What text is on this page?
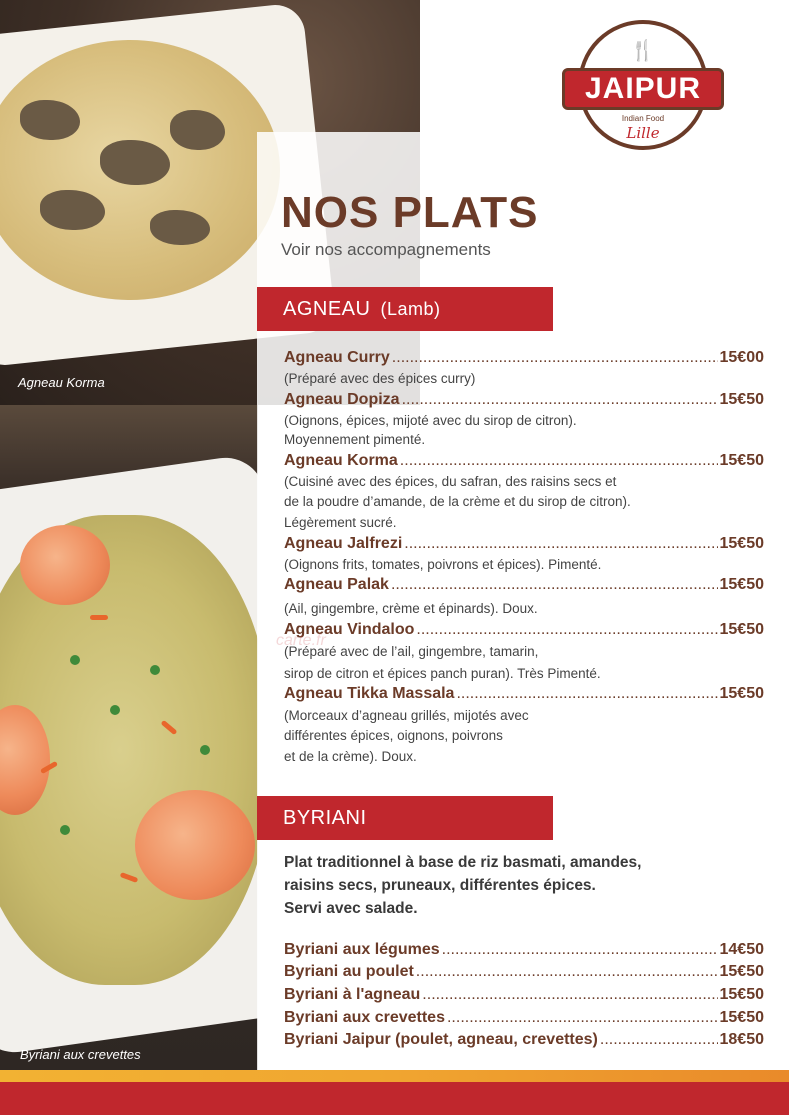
Agneau Korma
Byriani aux crevettes
🍴
JAIPUR
Indian Food
Lille
NOS PLATS
Voir nos accompagnements
AGNEAU (Lamb)
Agneau Curry .....	15€00
(Préparé avec des épices curry)
Agneau Dopiza .....	15€50
(Oignons, épices, mijoté avec du sirop de citron).
Moyennement pimenté.
Agneau Korma .....	15€50
(Cuisiné avec des épices, du safran, des raisins secs et
de la poudre d’amande, de la crème et du sirop de citron).
Légèrement sucré.
Agneau Jalfrezi .....	15€50
(Oignons frits, tomates, poivrons et épices). Pimenté.
Agneau Palak .....	15€50
(Ail, gingembre, crème et épinards). Doux.
Agneau Vindaloo .....	15€50
(Préparé avec de l’ail, gingembre, tamarin,
sirop de citron et épices panch puran). Très Pimenté.
carte.fr
Agneau Tikka Massala .....	15€50
(Morceaux d’agneau grillés, mijotés avec
différentes épices, oignons, poivrons
et de la crème). Doux.
BYRIANI
Plat traditionnel à base de riz basmati, amandes,
raisins secs, pruneaux, différentes épices.
Servi avec salade.
Byriani aux légumes .....	14€50
Byriani au poulet .....	15€50
Byriani à l'agneau .....	15€50
Byriani aux crevettes .....	15€50
Byriani Jaipur (poulet, agneau, crevettes) .....	18€50
